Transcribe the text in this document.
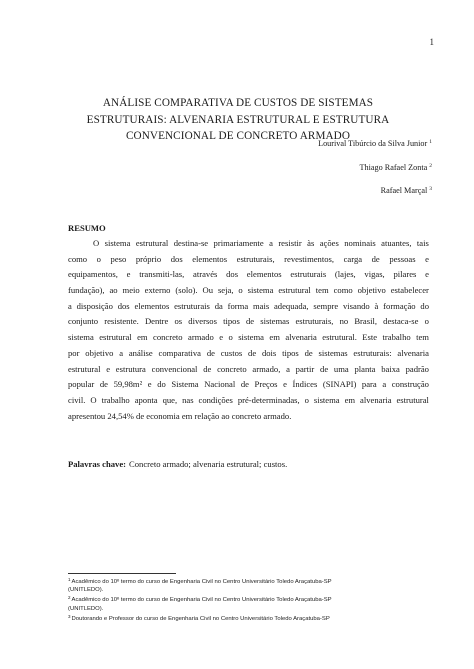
1
ANÁLISE COMPARATIVA DE CUSTOS DE SISTEMAS
ESTRUTURAIS: ALVENARIA ESTRUTURAL E ESTRUTURA
CONVENCIONAL DE CONCRETO ARMADO
Lourival Tibúrcio da Silva Junior $^1$
Thiago Rafael Zonta $^2$
Rafael Marçal $^3$
RESUMO
O sistema estrutural destina-se primariamente a resistir às ações nominais atuantes, tais
como o peso próprio dos elementos estruturais, revestimentos, carga de pessoas e
equipamentos, e transmiti-las, através dos elementos estruturais (lajes, vigas, pilares e
fundação), ao meio externo (solo). Ou seja, o sistema estrutural tem como objetivo estabelecer
a disposição dos elementos estruturais da forma mais adequada, sempre visando à formação do
conjunto resistente. Dentre os diversos tipos de sistemas estruturais, no Brasil, destaca-se o
sistema estrutural em concreto armado e o sistema em alvenaria estrutural. Este trabalho tem
por objetivo a análise comparativa de custos de dois tipos de sistemas estruturais: alvenaria
estrutural e estrutura convencional de concreto armado, a partir de uma planta baixa padrão
popular de 59,98m² e do Sistema Nacional de Preços e Índices (SINAPI) para a construção
civil. O trabalho aponta que, nas condições pré-determinadas, o sistema em alvenaria estrutural
apresentou 24,54% de economia em relação ao concreto armado.
Palavras chave: Concreto armado; alvenaria estrutural; custos.
$^1$Acadêmico do 10º termo do curso de Engenharia Civil no Centro Universitário Toledo Araçatuba-SP
(UNITLEDO).
$^2$Acadêmico do 10º termo do curso de Engenharia Civil no Centro Universitário Toledo Araçatuba-SP
(UNITLEDO).
$^3$Doutorando e Professor do curso de Engenharia Civil no Centro Universitário Toledo Araçatuba-SP
